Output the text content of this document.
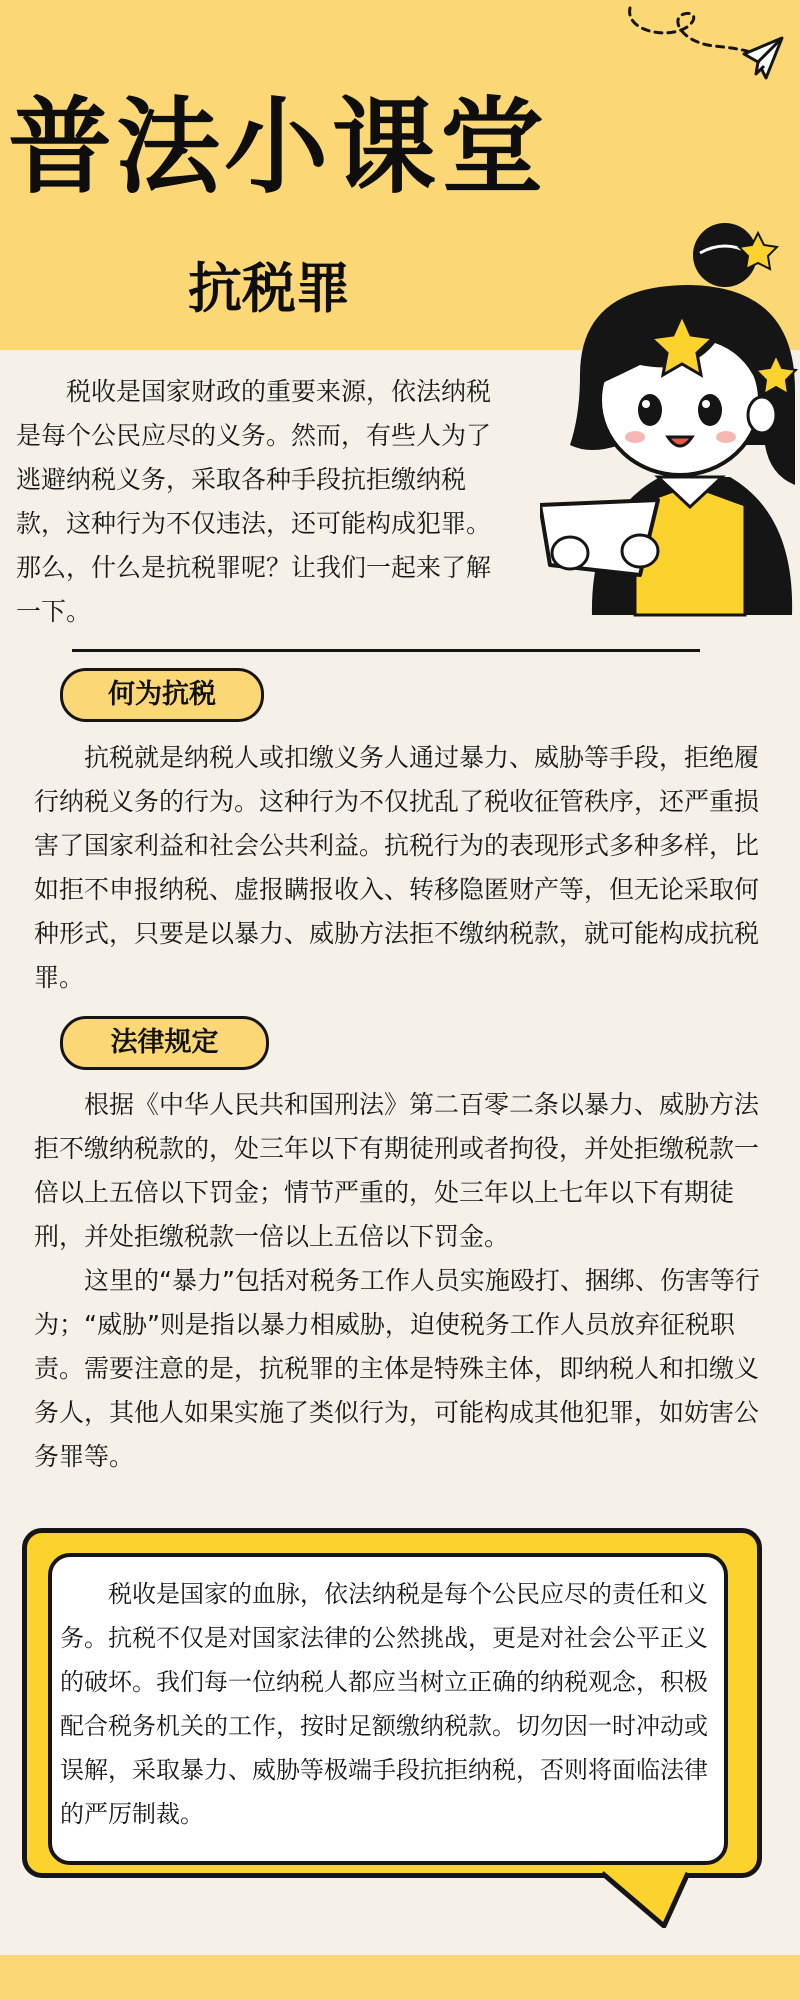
普法小课堂
抗税罪

税收是国家财政的重要来源，依法纳税是每个公民应尽的义务。然而，有些人为了逃避纳税义务，采取各种手段抗拒缴纳税款，这种行为不仅违法，还可能构成犯罪。那么，什么是抗税罪呢？让我们一起来了解一下。

何为抗税

抗税就是纳税人或扣缴义务人通过暴力、威胁等手段，拒绝履行纳税义务的行为。这种行为不仅扰乱了税收征管秩序，还严重损害了国家利益和社会公共利益。抗税行为的表现形式多种多样，比如拒不申报纳税、虚报瞒报收入、转移隐匿财产等，但无论采取何种形式，只要是以暴力、威胁方法拒不缴纳税款，就可能构成抗税罪。

法律规定

根据《中华人民共和国刑法》第二百零二条以暴力、威胁方法拒不缴纳税款的，处三年以下有期徒刑或者拘役，并处拒缴税款一倍以上五倍以下罚金；情节严重的，处三年以上七年以下有期徒刑，并处拒缴税款一倍以上五倍以下罚金。

这里的“暴力”包括对税务工作人员实施殴打、捆绑、伤害等行为；“威胁”则是指以暴力相威胁，迫使税务工作人员放弃征税职责。需要注意的是，抗税罪的主体是特殊主体，即纳税人和扣缴义务人，其他人如果实施了类似行为，可能构成其他犯罪，如妨害公务罪等。

税收是国家的血脉，依法纳税是每个公民应尽的责任和义务。抗税不仅是对国家法律的公然挑战，更是对社会公平正义的破坏。我们每一位纳税人都应当树立正确的纳税观念，积极配合税务机关的工作，按时足额缴纳税款。切勿因一时冲动或误解，采取暴力、威胁等极端手段抗拒纳税，否则将面临法律的严厉制裁。
